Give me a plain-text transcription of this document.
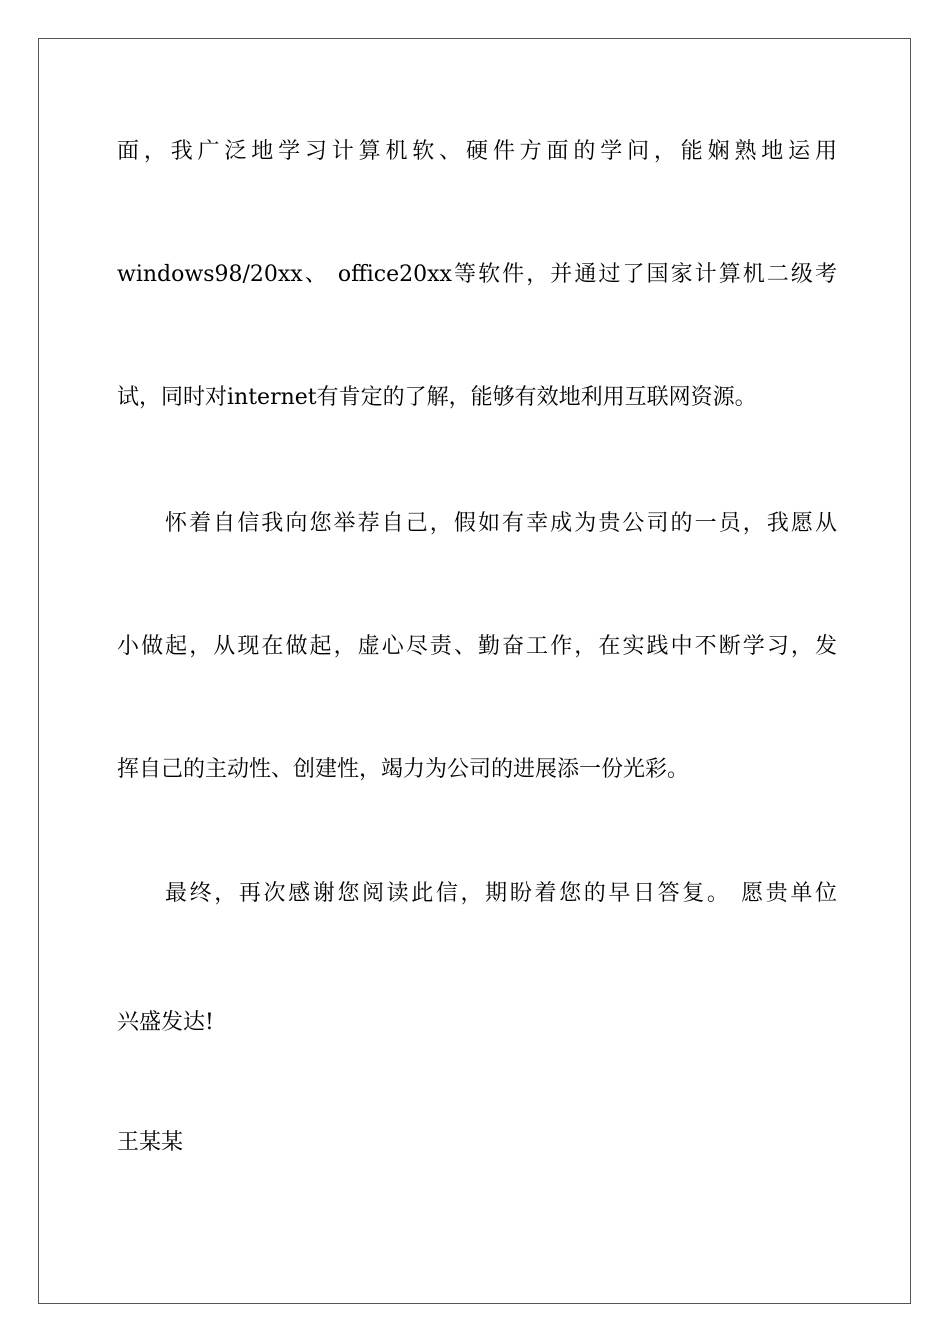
面，我广泛地学习计算机软、硬件方面的学问，能娴熟地运用
windows98/20xx、 office20xx等软件，并通过了国家计算机二级考
试，同时对internet有肯定的了解，能够有效地利用互联网资源。
怀着自信我向您举荐自己，假如有幸成为贵公司的一员，我愿从
小做起，从现在做起，虚心尽责、勤奋工作，在实践中不断学习，发
挥自己的主动性、创建性，竭力为公司的进展添一份光彩。
最终，再次感谢您阅读此信，期盼着您的早日答复。 愿贵单位
兴盛发达!
王某某
